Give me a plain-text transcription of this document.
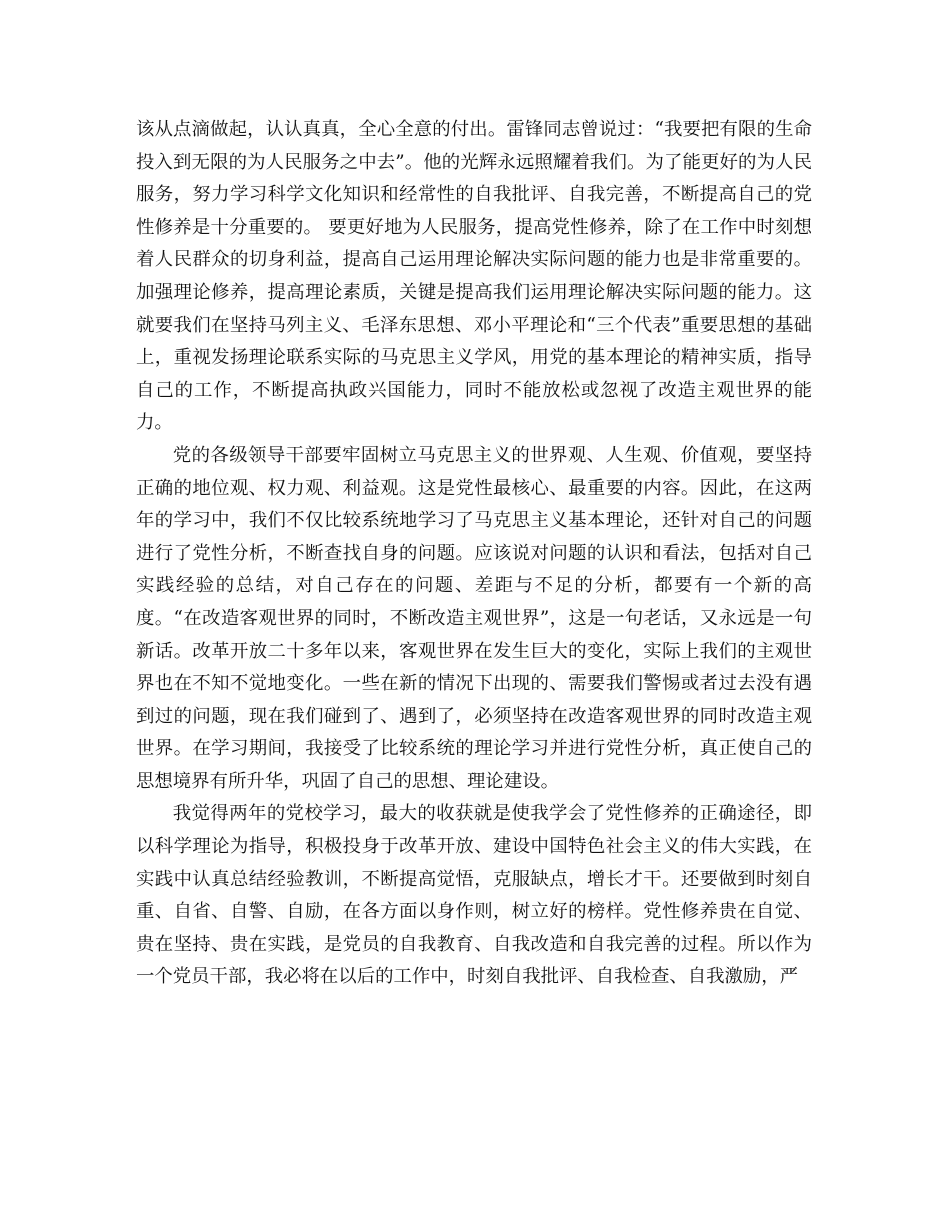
该从点滴做起，认认真真，全心全意的付出。雷锋同志曾说过：“我要把有限的生命投入到无限的为人民服务之中去”。他的光辉永远照耀着我们。为了能更好的为人民服务，努力学习科学文化知识和经常性的自我批评、自我完善，不断提高自己的党性修养是十分重要的。 要更好地为人民服务，提高党性修养，除了在工作中时刻想着人民群众的切身利益，提高自己运用理论解决实际问题的能力也是非常重要的。加强理论修养，提高理论素质，关键是提高我们运用理论解决实际问题的能力。这就要我们在坚持马列主义、毛泽东思想、邓小平理论和“三个代表”重要思想的基础上，重视发扬理论联系实际的马克思主义学风，用党的基本理论的精神实质，指导自己的工作，不断提高执政兴国能力，同时不能放松或忽视了改造主观世界的能力。

党的各级领导干部要牢固树立马克思主义的世界观、人生观、价值观，要坚持正确的地位观、权力观、利益观。这是党性最核心、最重要的内容。因此，在这两年的学习中，我们不仅比较系统地学习了马克思主义基本理论，还针对自己的问题进行了党性分析，不断查找自身的问题。应该说对问题的认识和看法，包括对自己实践经验的总结，对自己存在的问题、差距与不足的分析，都要有一个新的高度。“在改造客观世界的同时，不断改造主观世界”，这是一句老话，又永远是一句新话。改革开放二十多年以来，客观世界在发生巨大的变化，实际上我们的主观世界也在不知不觉地变化。一些在新的情况下出现的、需要我们警惕或者过去没有遇到过的问题，现在我们碰到了、遇到了，必须坚持在改造客观世界的同时改造主观世界。在学习期间，我接受了比较系统的理论学习并进行党性分析，真正使自己的思想境界有所升华，巩固了自己的思想、理论建设。

我觉得两年的党校学习，最大的收获就是使我学会了党性修养的正确途径，即以科学理论为指导，积极投身于改革开放、建设中国特色社会主义的伟大实践，在实践中认真总结经验教训，不断提高觉悟，克服缺点，增长才干。还要做到时刻自重、自省、自警、自励，在各方面以身作则，树立好的榜样。党性修养贵在自觉、贵在坚持、贵在实践，是党员的自我教育、自我改造和自我完善的过程。所以作为一个党员干部，我必将在以后的工作中，时刻自我批评、自我检查、自我激励，严
